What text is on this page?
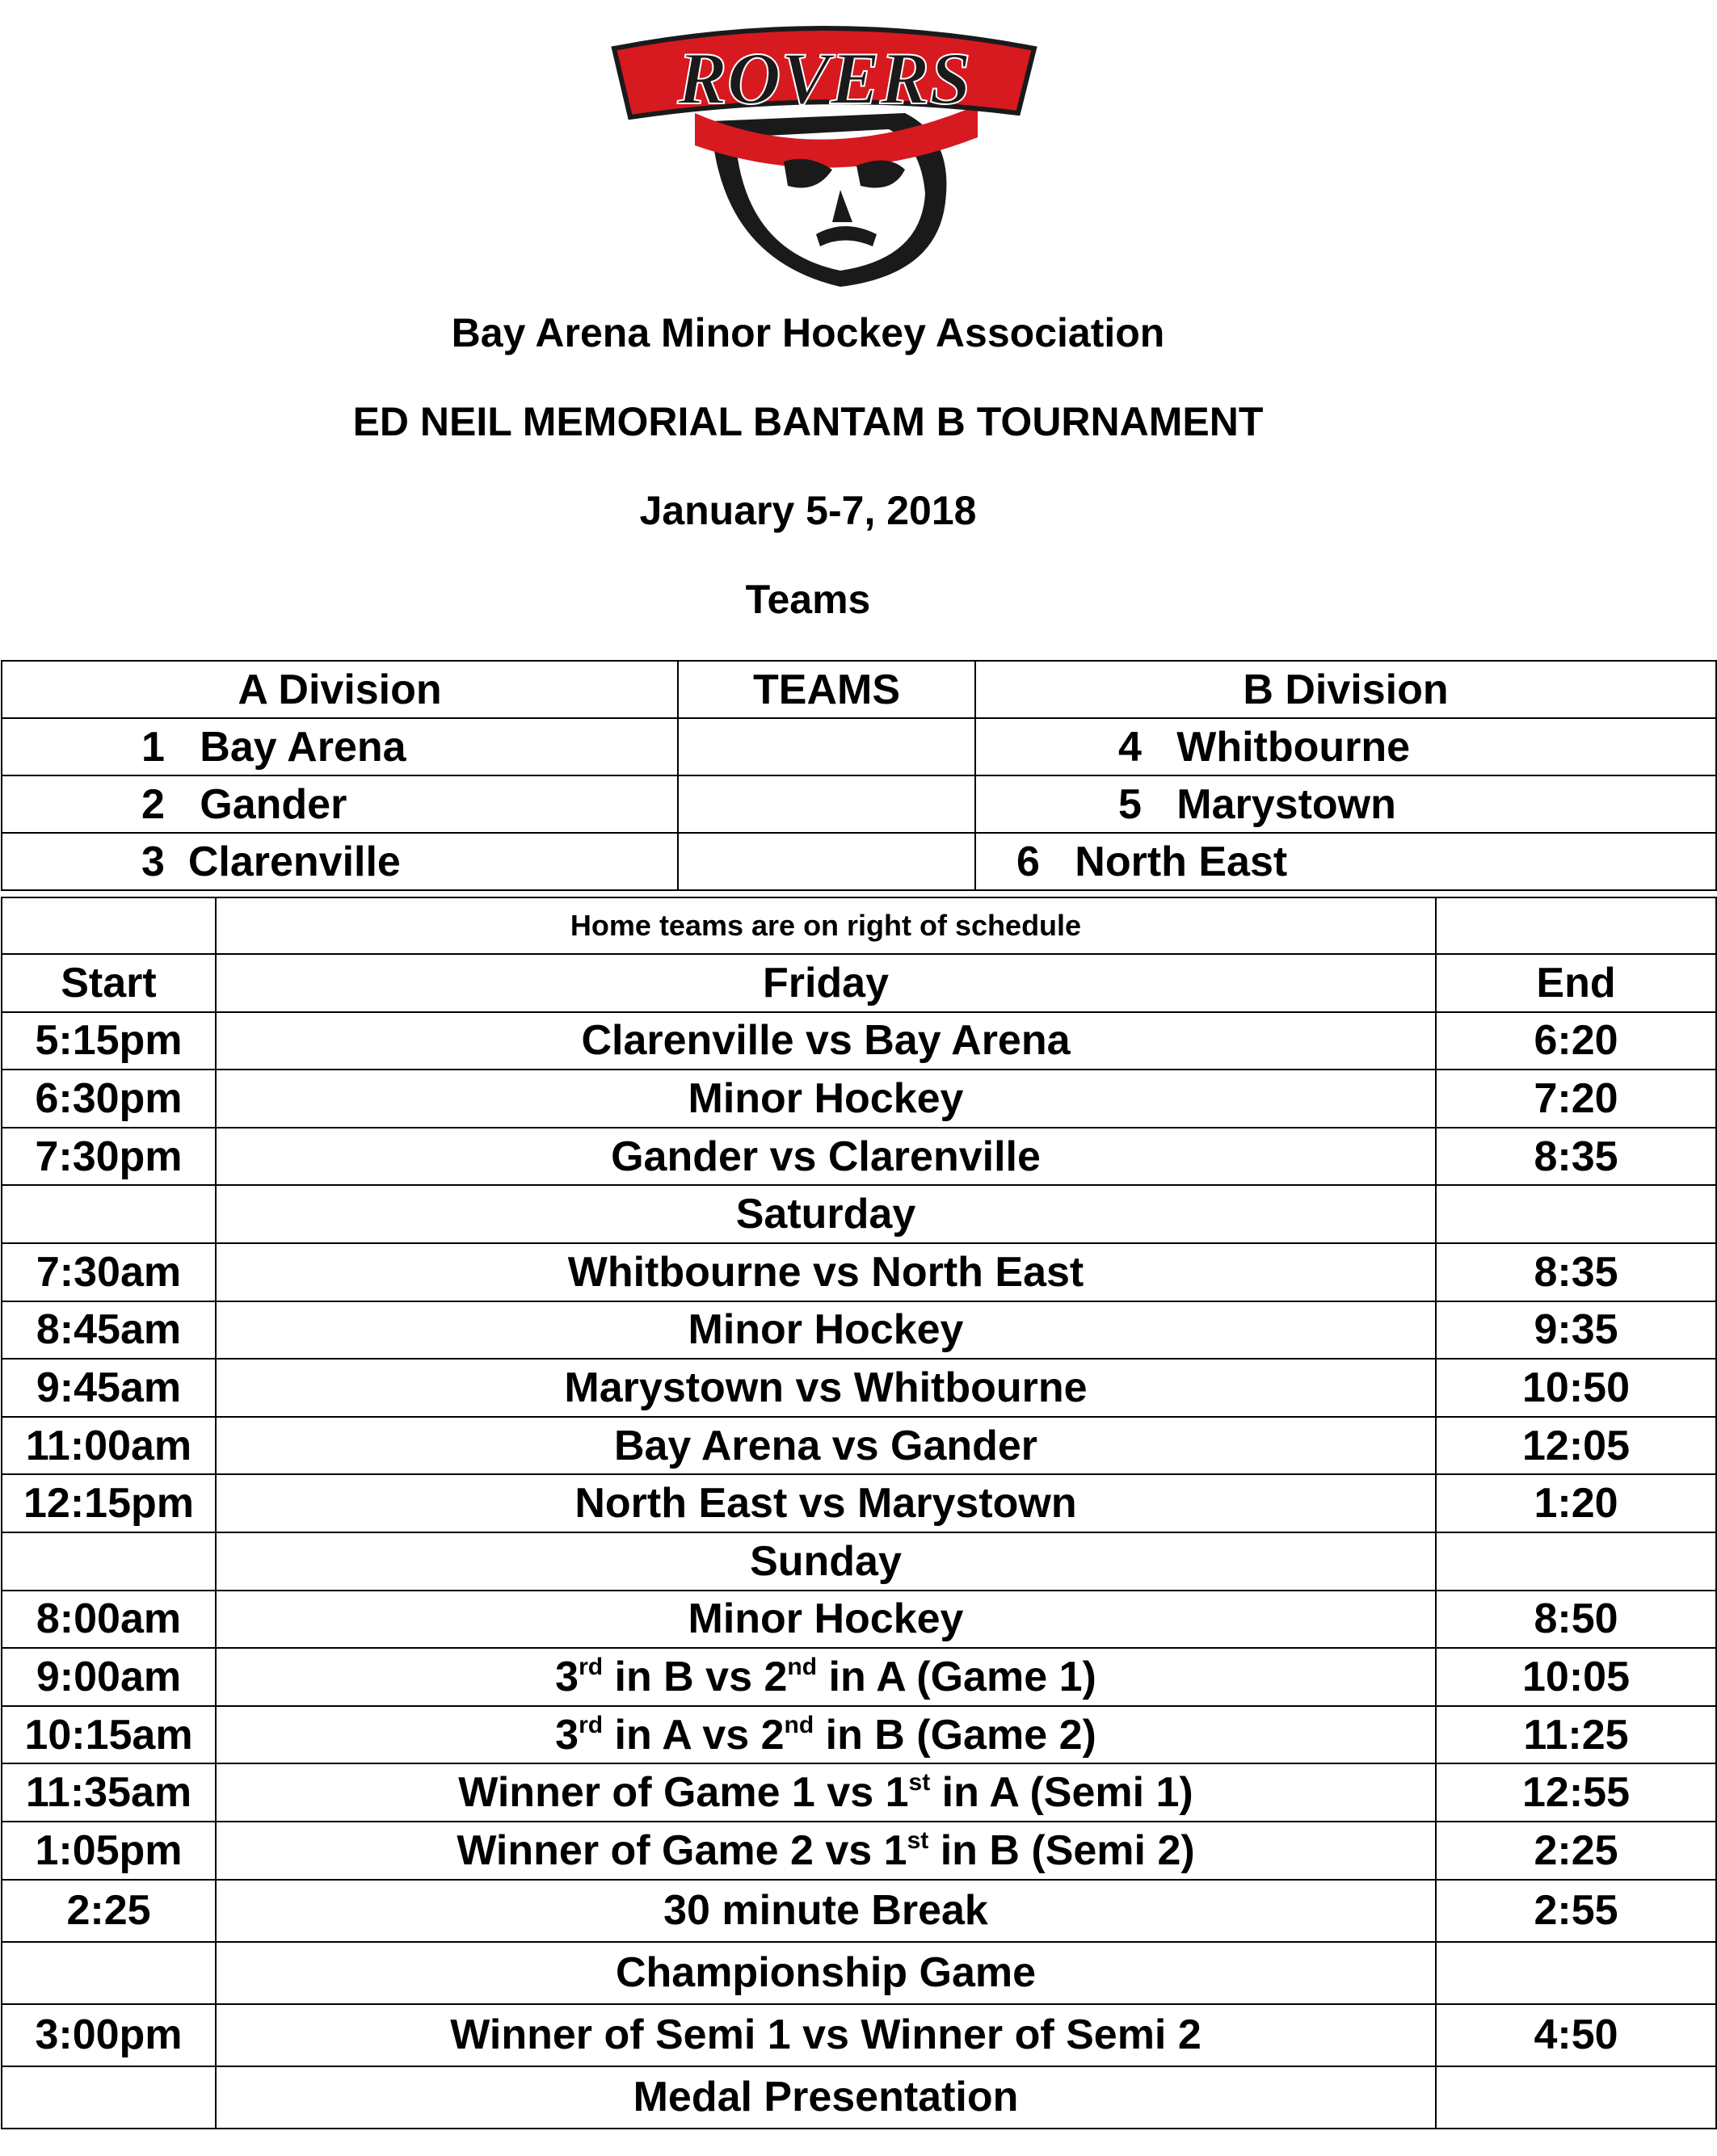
ROVERS
Bay Arena Minor Hockey Association
ED NEIL MEMORIAL BANTAM B TOURNAMENT
January 5-7, 2018
Teams
A Division	TEAMS	B Division
1 Bay Arena		4 Whitbourne
2 Gander		5 Marystown
3 Clarenville		6 North East
	Home teams are on right of schedule	
Start	Friday	End
5:15pm	Clarenville vs Bay Arena	6:20
6:30pm	Minor Hockey	7:20
7:30pm	Gander vs Clarenville	8:35
	Saturday	
7:30am	Whitbourne vs North East	8:35
8:45am	Minor Hockey	9:35
9:45am	Marystown vs Whitbourne	10:50
11:00am	Bay Arena vs Gander	12:05
12:15pm	North East vs Marystown	1:20
	Sunday	
8:00am	Minor Hockey	8:50
9:00am	3rd in B vs 2nd in A (Game 1)	10:05
10:15am	3rd in A vs 2nd in B (Game 2)	11:25
11:35am	Winner of Game 1 vs 1st in A (Semi 1)	12:55
1:05pm	Winner of Game 2 vs 1st in B (Semi 2)	2:25
2:25	30 minute Break	2:55
	Championship Game	
3:00pm	Winner of Semi 1 vs Winner of Semi 2	4:50
	Medal Presentation	
